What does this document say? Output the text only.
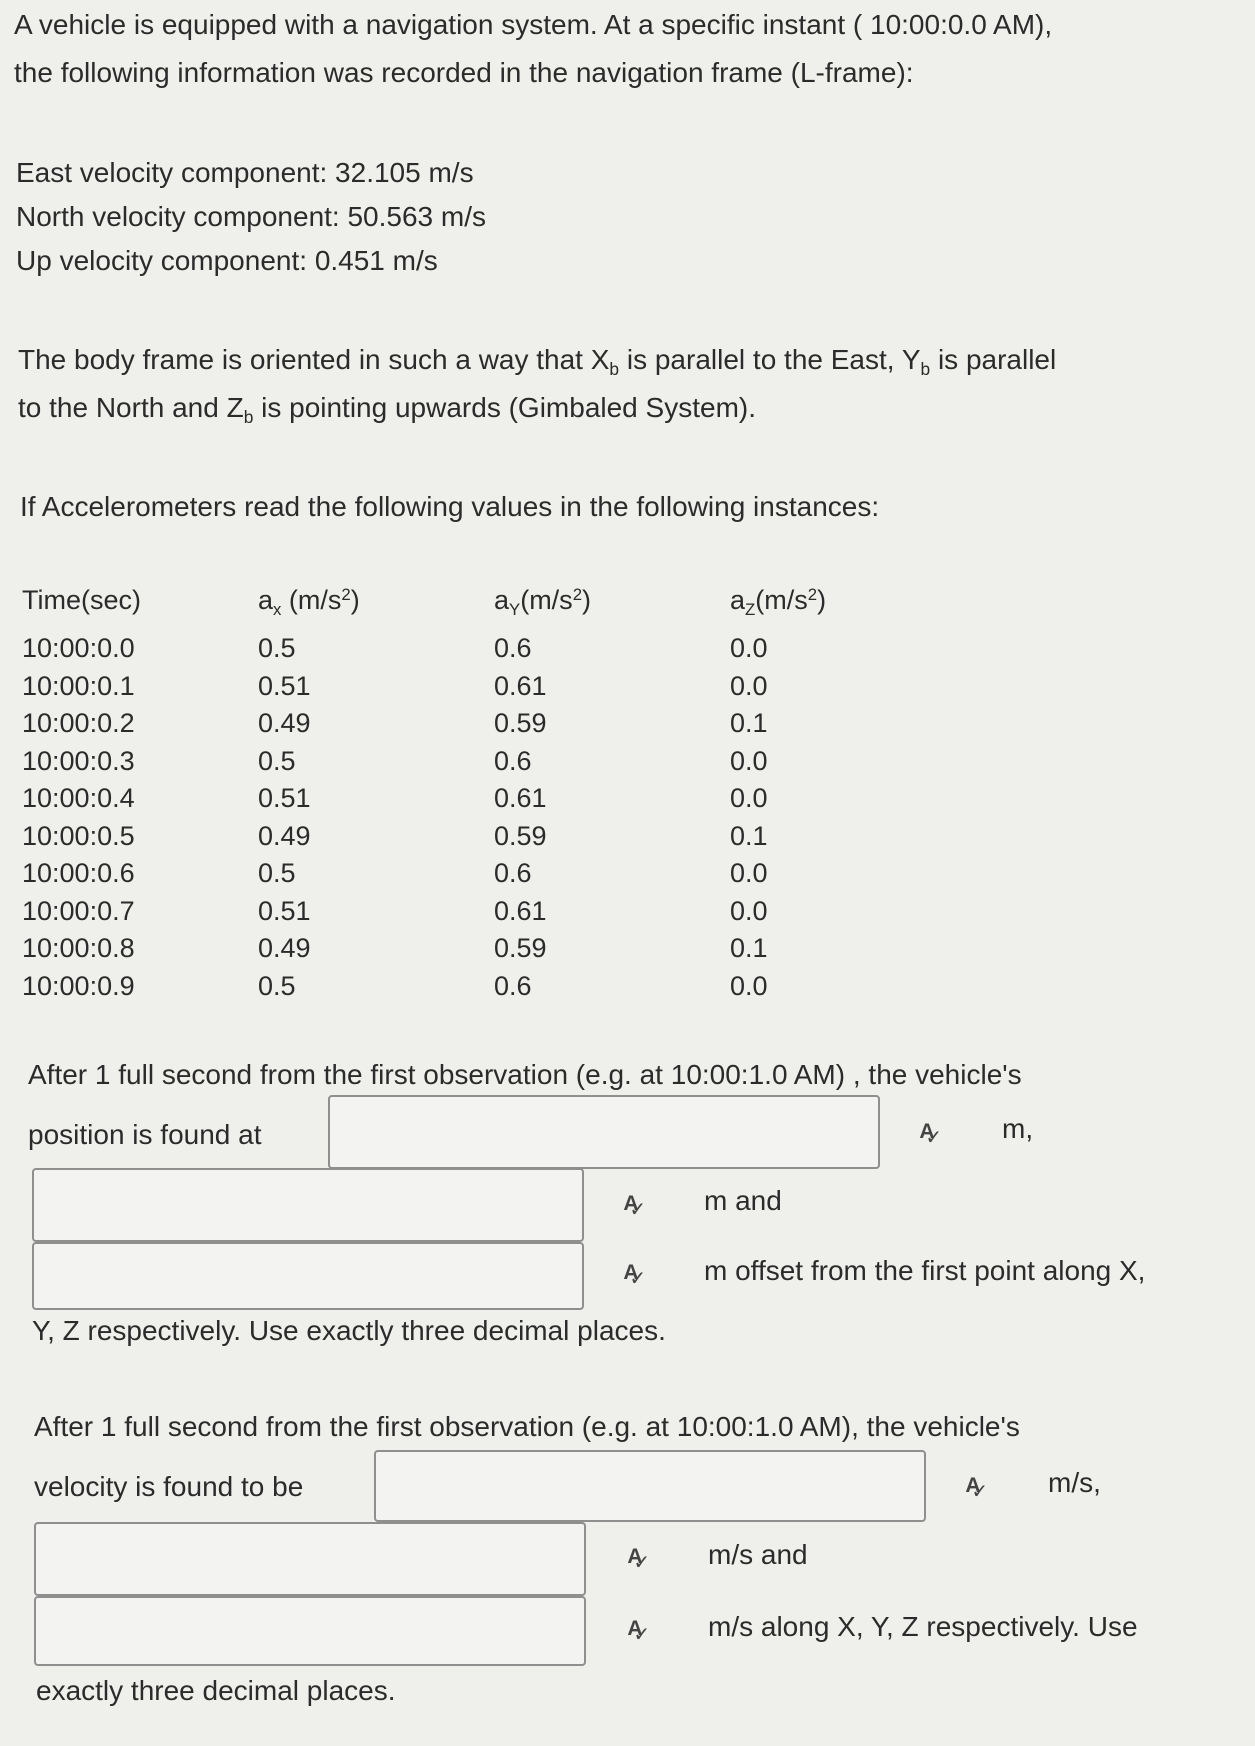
A vehicle is equipped with a navigation system. At a specific instant ( 10:00:0.0 AM),
the following information was recorded in the navigation frame (L-frame):
East velocity component: 32.105 m/s
North velocity component: 50.563 m/s
Up velocity component: 0.451 m/s
The body frame is oriented in such a way that $X_b$ is parallel to the East, $Y_b$ is parallel
to the North and $Z_b$ is pointing upwards (Gimbaled System).
If Accelerometers read the following values in the following instances:
Time(sec)
10:00:0.0
10:00:0.1
10:00:0.2
10:00:0.3
10:00:0.4
10:00:0.5
10:00:0.6
10:00:0.7
10:00:0.8
10:00:0.9
$a_x$ $(m/s^2)$
0.5
0.51
0.49
0.5
0.51
0.49
0.5
0.51
0.49
0.5
$a_Y(m/s^2)$
0.6
0.61
0.59
0.6
0.61
0.59
0.6
0.61
0.59
0.6
$a_Z(m/s^2)$
0.0
0.0
0.1
0.0
0.0
0.1
0.0
0.0
0.1
0.0
After 1 full second from the first observation (e.g. at 10:00:1.0 AM) , the vehicle's
position is found at	A ✓ m,
A ✓ m and
A ✓ m offset from the first point along X,
Y, Z respectively. Use exactly three decimal places.
After 1 full second from the first observation (e.g. at 10:00:1.0 AM), the vehicle's
velocity is found to be	A ✓ m/s,
A ✓ m/s and
A ✓ m/s along X, Y, Z respectively. Use
exactly three decimal places.
